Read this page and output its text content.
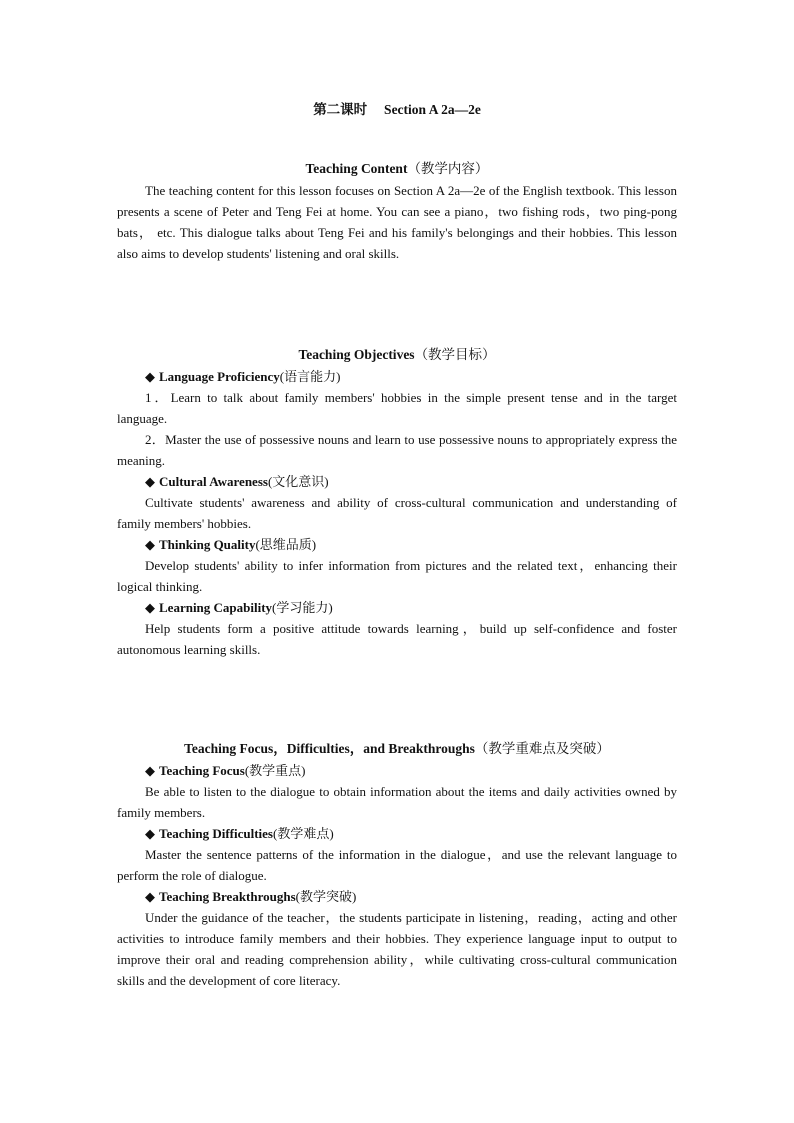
第二课时　 Section A 2a—2e
Teaching Content（教学内容）

The teaching content for this lesson focuses on Section A 2a—2e of the English textbook. This lesson presents a scene of Peter and Teng Fei at home. You can see a piano，two fishing rods，two ping‑pong bats， etc. This dialogue talks about Teng Fei and his family's belongings and their hobbies. This lesson also aims to develop students' listening and oral skills.

Teaching Objectives（教学目标）

◆ Language Proficiency(语言能力)

1．Learn to talk about family members' hobbies in the simple present tense and in the target language.

2．Master the use of possessive nouns and learn to use possessive nouns to appropriately express the meaning.

◆ Cultural Awareness(文化意识)

Cultivate students' awareness and ability of cross‑cultural communication and understanding of family members' hobbies.

◆ Thinking Quality(思维品质)

Develop students' ability to infer information from pictures and the related text，enhancing their logical thinking.

◆ Learning Capability(学习能力)

Help students form a positive attitude towards learning，build up self‑confidence and foster autonomous learning skills.

Teaching Focus，Difficulties，and Breakthroughs（教学重难点及突破）

◆ Teaching Focus(教学重点)

Be able to listen to the dialogue to obtain information about the items and daily activities owned by family members.

◆ Teaching Difficulties(教学难点)

Master the sentence patterns of the information in the dialogue，and use the relevant language to perform the role of dialogue.

◆ Teaching Breakthroughs(教学突破)

Under the guidance of the teacher，the students participate in listening，reading，acting and other activities to introduce family members and their hobbies. They experience language input to output to improve their oral and reading comprehension ability，while cultivating cross‑cultural communication skills and the development of core literacy.
